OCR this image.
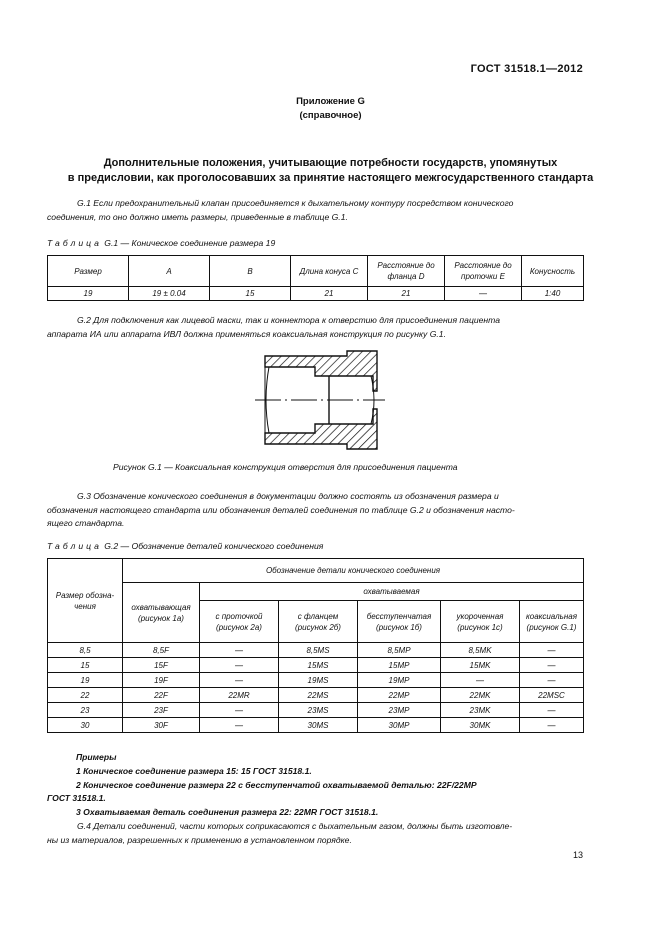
ГОСТ 31518.1—2012
Приложение G
(справочное)
Дополнительные положения, учитывающие потребности государств, упомянутых
в предисловии, как проголосовавших за принятие настоящего межгосударственного стандарта
G.1 Если предохранительный клапан присоединяется к дыхательному контуру посредством конического
соединения, то оно должно иметь размеры, приведенные в таблице G.1.
Таблица G.1 — Коническое соединение размера 19
Размер	A	B	Длина конуса C	Расстояние до фланца D	Расстояние до проточки E	Конусность
19	19 ± 0.04	15	21	21	—	1:40
G.2 Для подключения как лицевой маски, так и коннектора к отверстию для присоединения пациента
аппарата ИА или аппарата ИВЛ должна применяться коаксиальная конструкция по рисунку G.1.
Рисунок G.1 — Коаксиальная конструкция отверстия для присоединения пациента
G.3 Обозначение конического соединения в документации должно состоять из обозначения размера и
обозначения настоящего стандарта или обозначения деталей соединения по таблице G.2 и обозначения насто-
ящего стандарта.
Таблица G.2 — Обозначение деталей конического соединения
Размер обозна-чения	Обозначение детали конического соединения					
	охватывающая (рисунок 1а)	охватываемая				
		с проточкой (рисунок 2а)	с фланцем (рисунок 2б)	бесступенчатая (рисунок 1б)	укороченная (рисунок 1с)	коаксиальная (рисунок G.1)
8,5	8,5F	—	8,5MS	8,5MP	8,5MK	—
15	15F	—	15MS	15MP	15MK	—
19	19F	—	19MS	19MP	—	—
22	22F	22MR	22MS	22MP	22MK	22MSC
23	23F	—	23MS	23MP	23MK	—
30	30F	—	30MS	30MP	30MK	—
Примеры
1 Коническое соединение размера 15: 15 ГОСТ 31518.1.
2 Коническое соединение размера 22 с бесступенчатой охватываемой деталью: 22F/22MP
ГОСТ 31518.1.
3 Охватываемая деталь соединения размера 22: 22MR ГОСТ 31518.1.
G.4 Детали соединений, части которых соприкасаются с дыхательным газом, должны быть изготовле-
ны из материалов, разрешенных к применению в установленном порядке.
13
